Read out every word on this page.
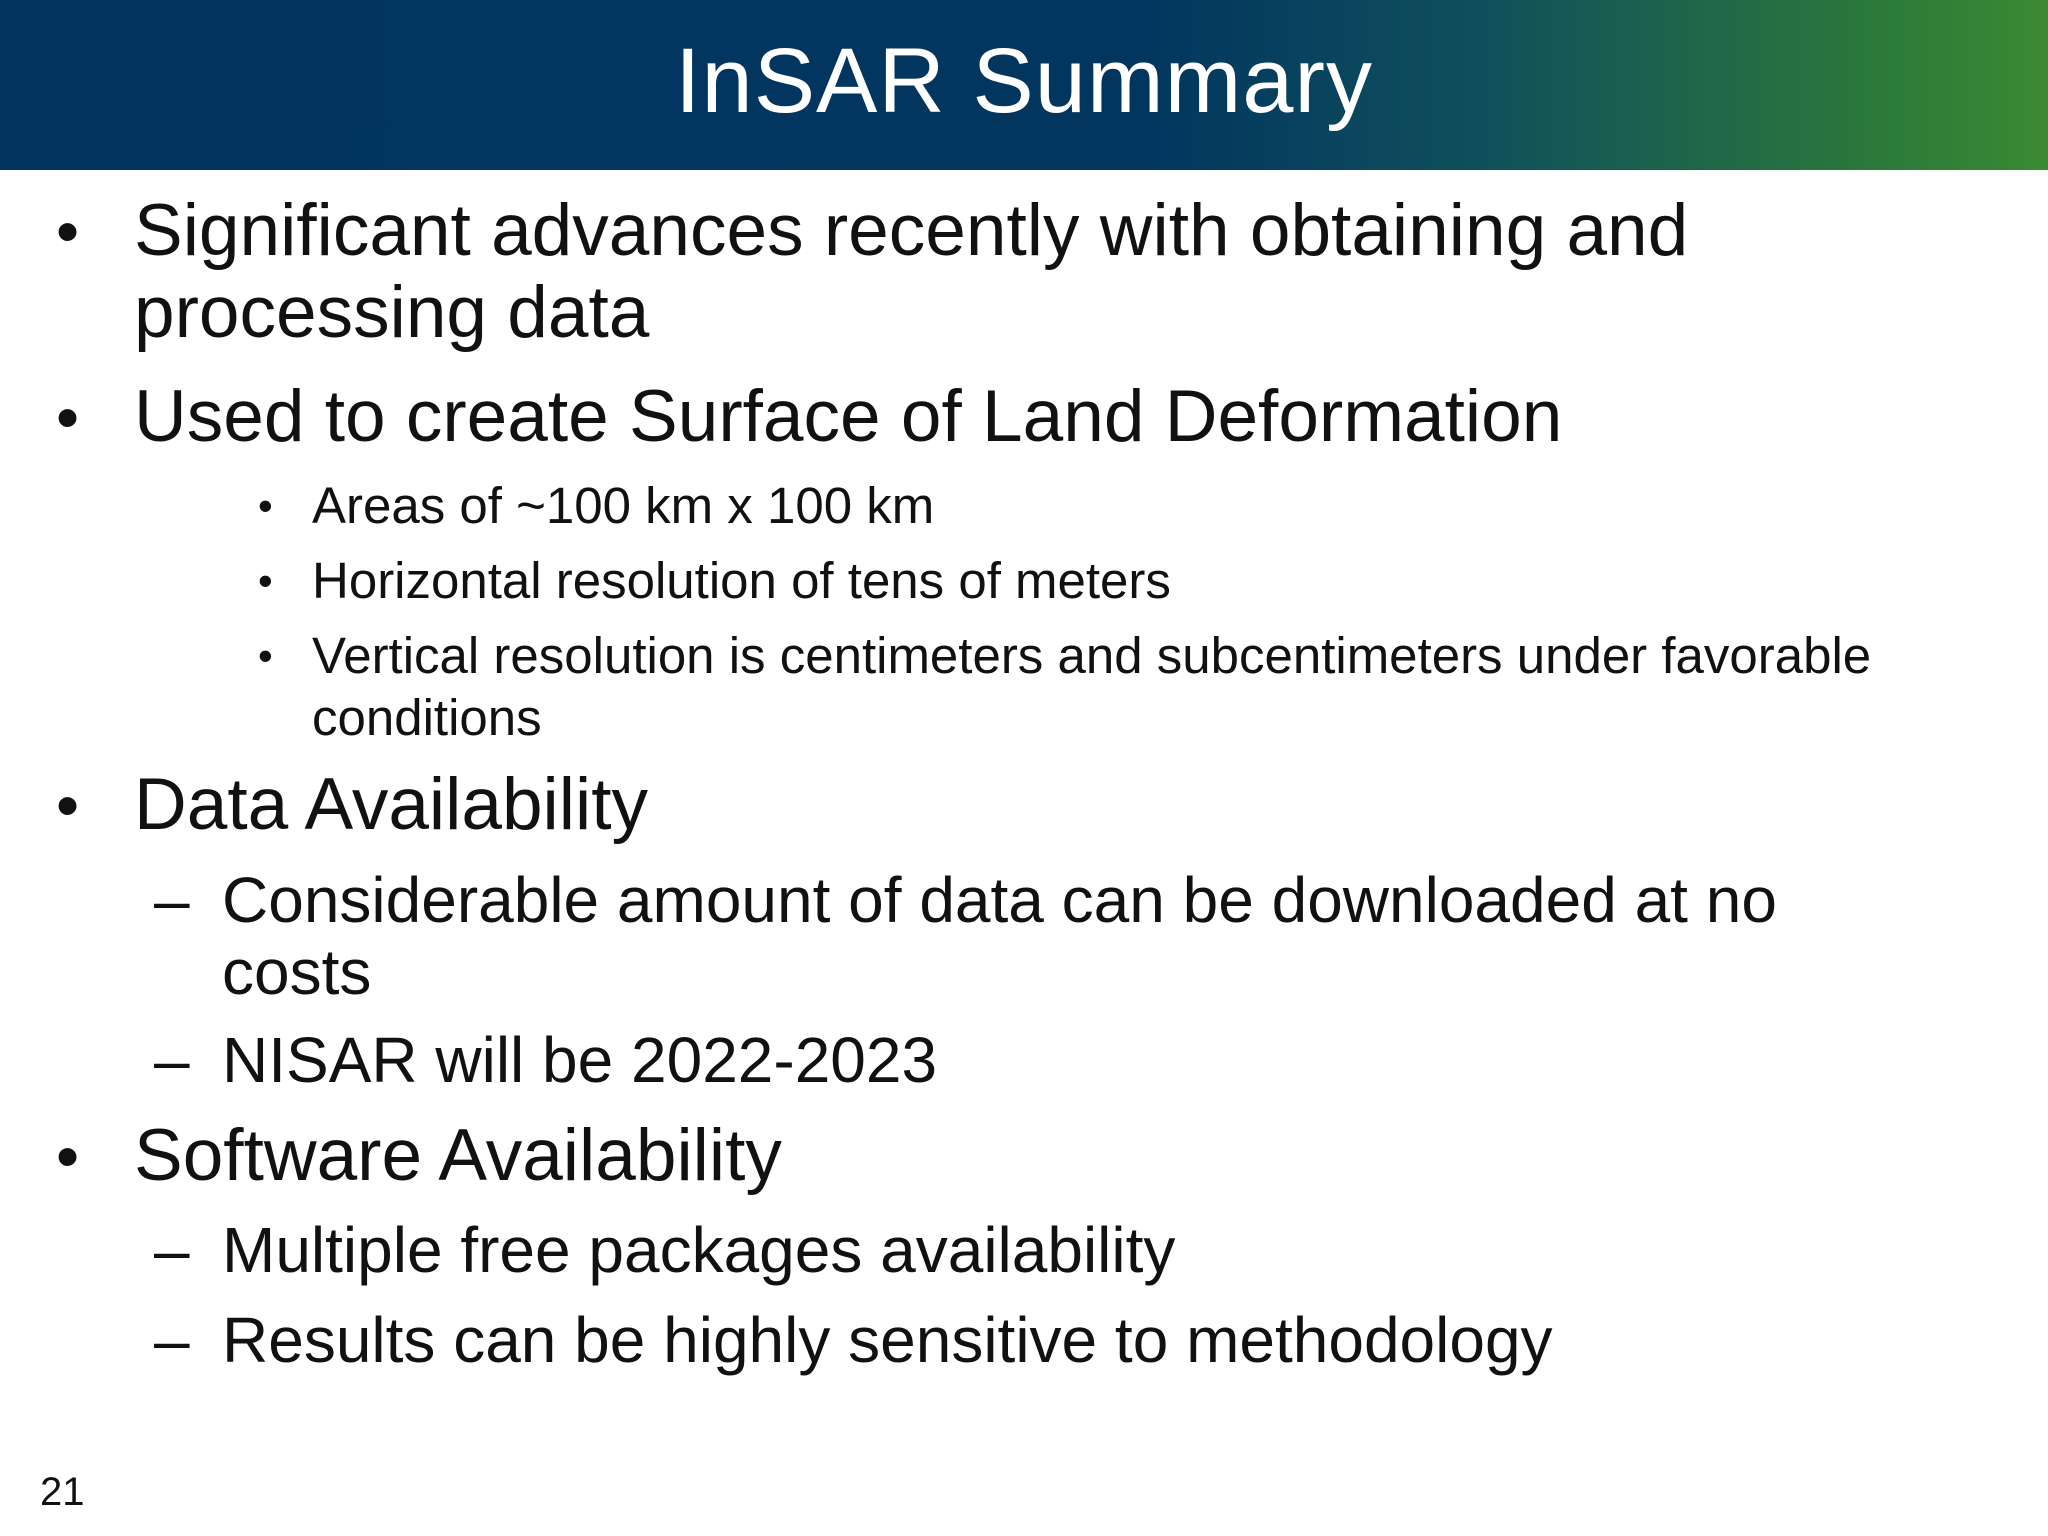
InSAR Summary
• Significant advances recently with obtaining and processing data
• Used to create Surface of Land Deformation
• Areas of ~100 km x 100 km
• Horizontal resolution of tens of meters
• Vertical resolution is centimeters and subcentimeters under favorable conditions
• Data Availability
– Considerable amount of data can be downloaded at no costs
– NISAR will be 2022-2023
• Software Availability
– Multiple free packages availability
– Results can be highly sensitive to methodology
21
